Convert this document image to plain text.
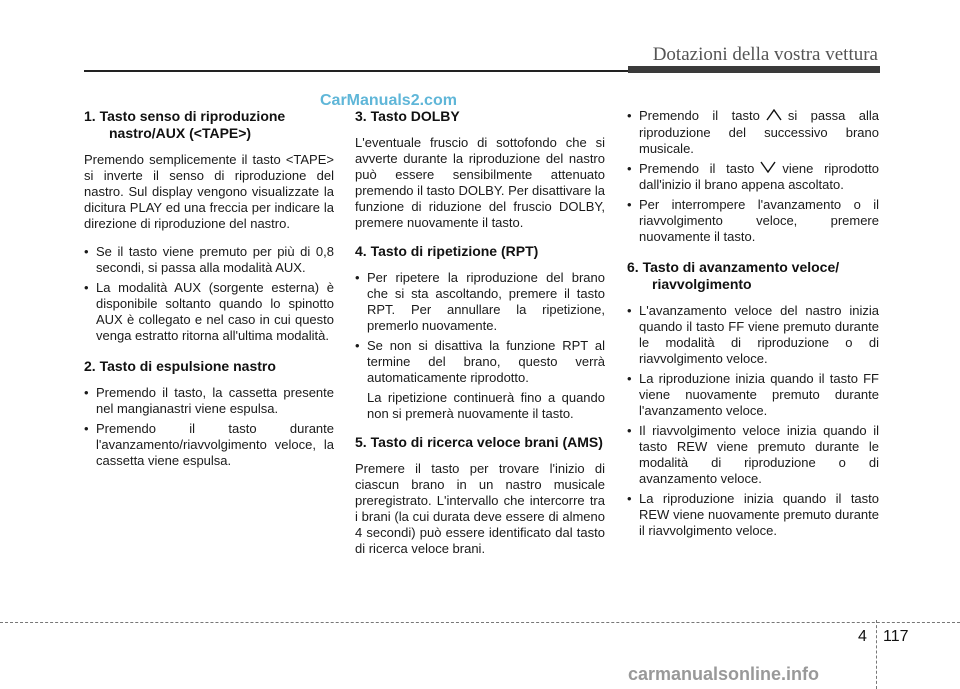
Dotazioni della vostra vettura
CarManuals2.com
1. Tasto senso di riproduzione nastro/AUX (<TAPE>)

Premendo semplicemente il tasto <TAPE> si inverte il senso di riproduzione del nastro. Sul display vengono visualizzate la dicitura PLAY ed una freccia per indicare la direzione di riproduzione del nastro.

• Se il tasto viene premuto per più di 0,8 secondi, si passa alla modalità AUX.
• La modalità AUX (sorgente esterna) è disponibile soltanto quando lo spinotto AUX è collegato e nel caso in cui questo venga estratto ritorna all'ultima modalità.
2. Tasto di espulsione nastro
• Premendo il tasto, la cassetta presente nel mangianastri viene espulsa.
• Premendo il tasto durante l'avanzamento/riavvolgimento veloce, la cassetta viene espulsa.
3. Tasto DOLBY

L'eventuale fruscio di sottofondo che si avverte durante la riproduzione del nastro può essere sensibilmente attenuato premendo il tasto DOLBY. Per disattivare la funzione di riduzione del fruscio DOLBY, premere nuovamente il tasto.

4. Tasto di ripetizione (RPT)
• Per ripetere la riproduzione del brano che si sta ascoltando, premere il tasto RPT. Per annullare la ripetizione, premerlo nuovamente.
• Se non si disattiva la funzione RPT al termine del brano, questo verrà automaticamente riprodotto.

La ripetizione continuerà fino a quando non si premerà nuovamente il tasto.

5. Tasto di ricerca veloce brani (AMS)

Premere il tasto per trovare l'inizio di ciascun brano in un nastro musicale preregistrato. L'intervallo che intercorre tra i brani (la cui durata deve essere di almeno 4 secondi) può essere identificato dal tasto di ricerca veloce brani.

• Premendo il tasto si passa alla riproduzione del successivo brano musicale.
• Premendo il tasto viene riprodotto dall'inizio il brano appena ascoltato.
• Per interrompere l'avanzamento o il riavvolgimento veloce, premere nuovamente il tasto.
6. Tasto di avanzamento veloce/ riavvolgimento
• L'avanzamento veloce del nastro inizia quando il tasto FF viene premuto durante le modalità di riproduzione o di riavvolgimento veloce.
• La riproduzione inizia quando il tasto FF viene nuovamente premuto durante l'avanzamento veloce.
• Il riavvolgimento veloce inizia quando il tasto REW viene premuto durante le modalità di riproduzione o di avanzamento veloce.
• La riproduzione inizia quando il tasto REW viene nuovamente premuto durante il riavvolgimento veloce.
4 117
carmanualsonline.info
